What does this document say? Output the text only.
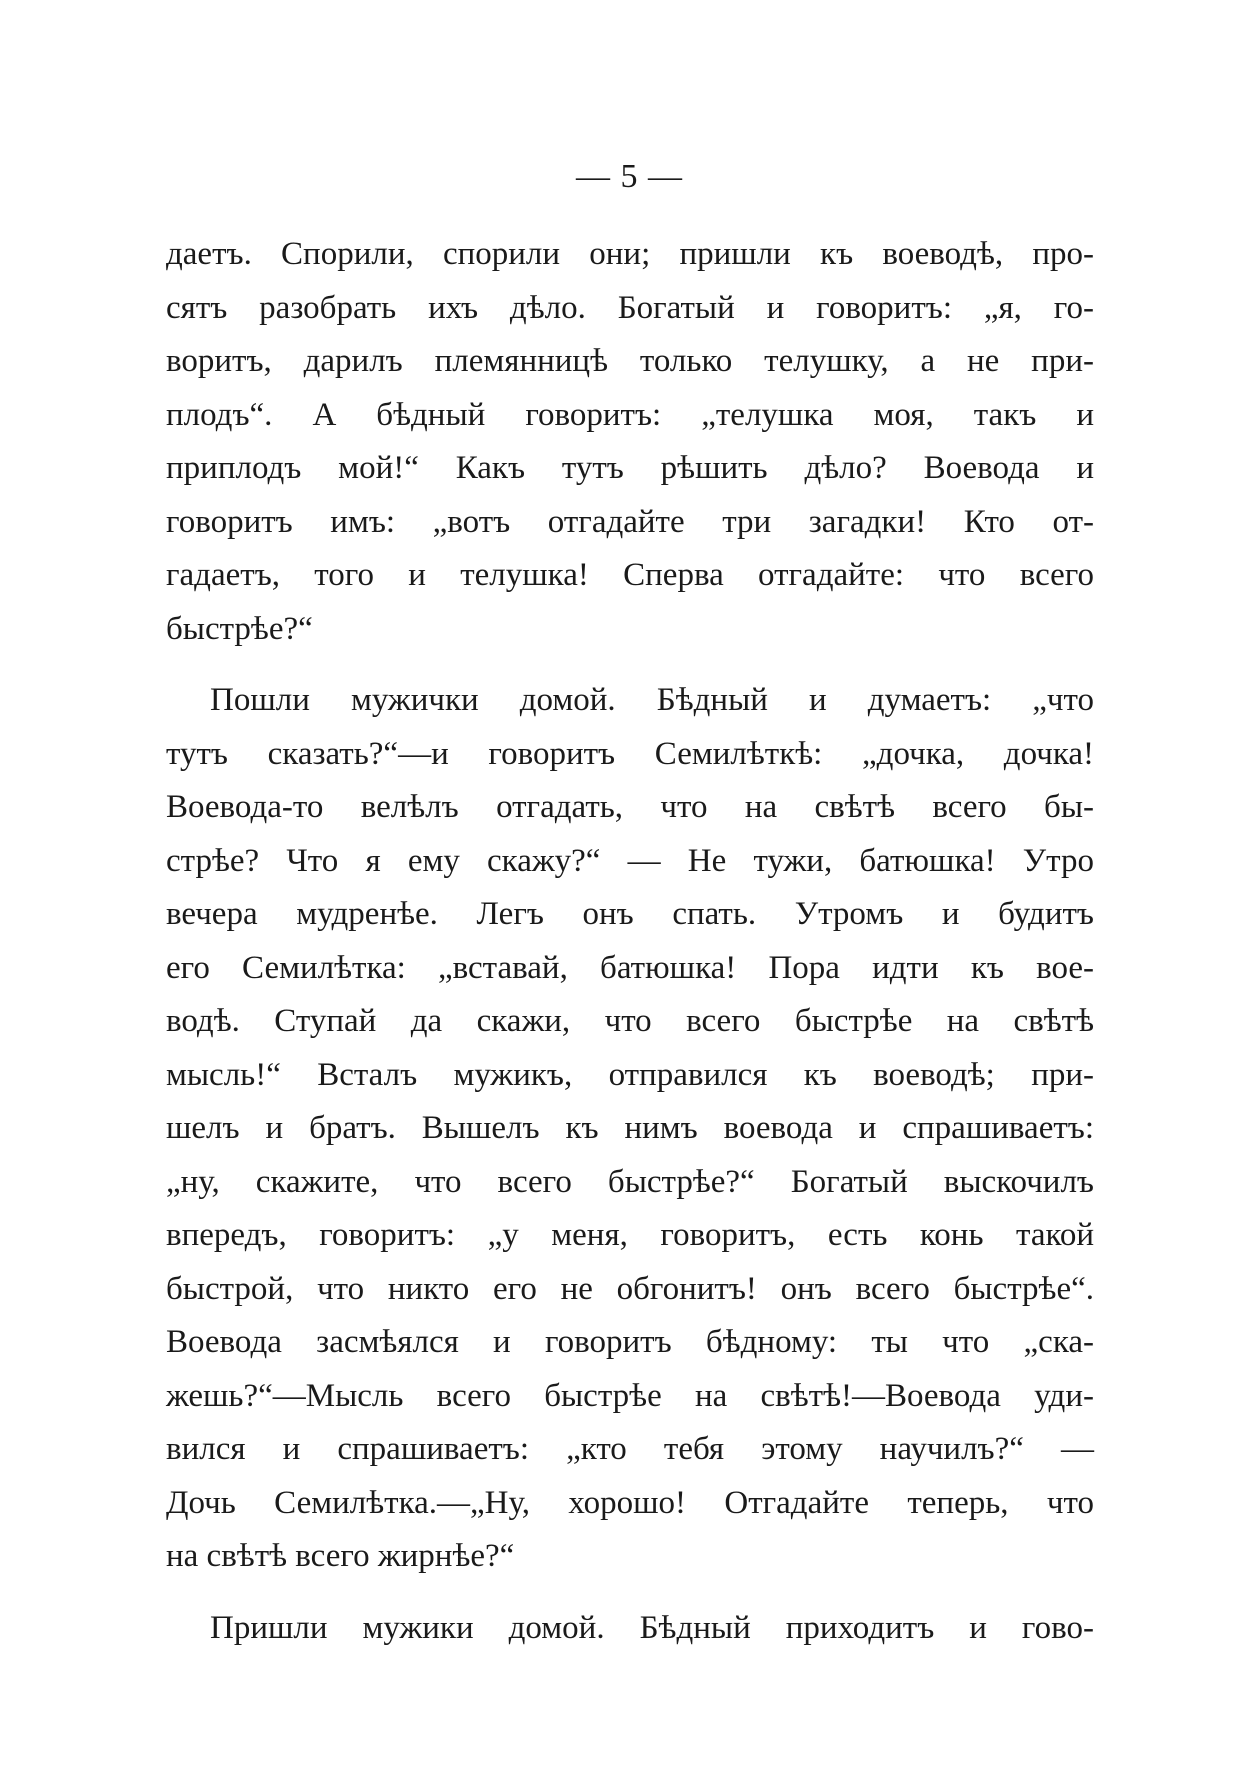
— 5 —
даетъ. Спорили, спорили они; пришли къ воеводѣ, про-
сятъ разобрать ихъ дѣло. Богатый и говоритъ: „я, го-
воритъ, дарилъ племянницѣ только телушку, а не при-
плодъ“. А бѣдный говоритъ: „телушка моя, такъ и
приплодъ мой!“ Какъ тутъ рѣшить дѣло? Воевода и
говоритъ имъ: „вотъ отгадайте три загадки! Кто от-
гадаетъ, того и телушка! Сперва отгадайте: что всего
быстрѣе?“
Пошли мужички домой. Бѣдный и думаетъ: „что
тутъ сказать?“—и говоритъ Семилѣткѣ: „дочка, дочка!
Воевода-то велѣлъ отгадать, что на свѣтѣ всего бы-
стрѣе? Что я ему скажу?“ — Не тужи, батюшка! Утро
вечера мудренѣе. Легъ онъ спать. Утромъ и будитъ
его Семилѣтка: „вставай, батюшка! Пора идти къ вое-
водѣ. Ступай да скажи, что всего быстрѣе на свѣтѣ
мысль!“ Всталъ мужикъ, отправился къ воеводѣ; при-
шелъ и братъ. Вышелъ къ нимъ воевода и спрашиваетъ:
„ну, скажите, что всего быстрѣе?“ Богатый выскочилъ
впередъ, говоритъ: „у меня, говоритъ, есть конь такой
быстрой, что никто его не обгонитъ! онъ всего быстрѣе“.
Воевода засмѣялся и говоритъ бѣдному: ты что „ска-
жешь?“—Мысль всего быстрѣе на свѣтѣ!—Воевода уди-
вился и спрашиваетъ: „кто тебя этому научилъ?“ —
Дочь Семилѣтка.—„Ну, хорошо! Отгадайте теперь, что
на свѣтѣ всего жирнѣе?“
Пришли мужики домой. Бѣдный приходитъ и гово-
